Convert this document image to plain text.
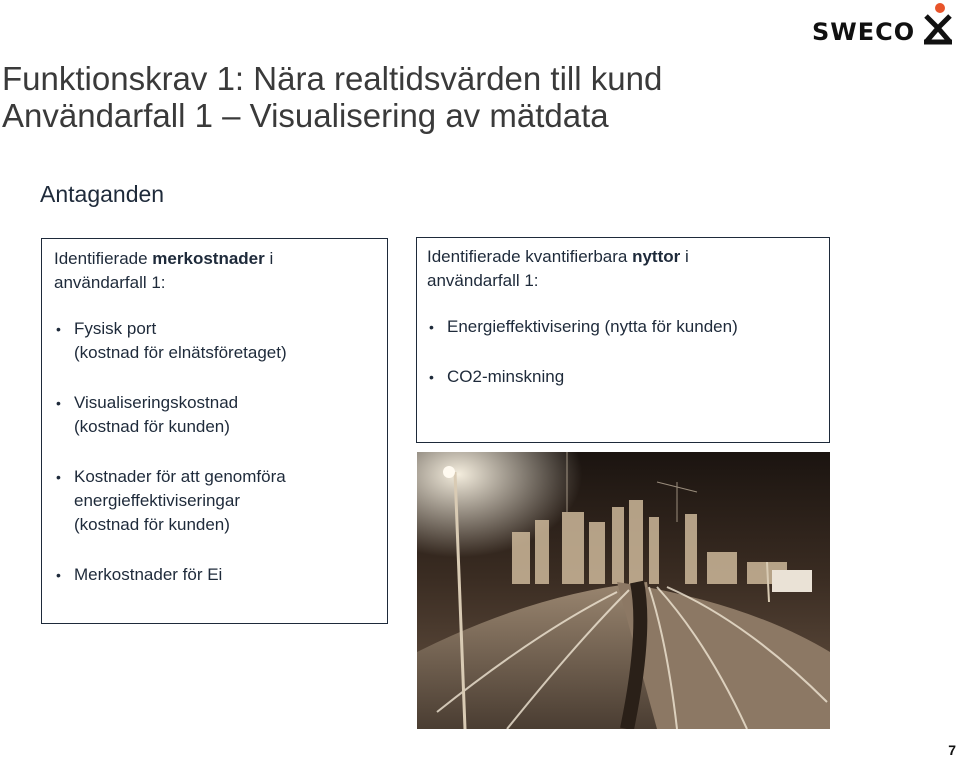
SWECO
Funktionskrav 1: Nära realtidsvärden till kund
Användarfall 1 – Visualisering av mätdata
Antaganden

Identifierade merkostnader i
användarfall 1:

• Fysisk port
(kostnad för elnätsföretaget)
• Visualiseringskostnad
(kostnad för kunden)
• Kostnader för att genomföra
energieffektiviseringar
(kostnad för kunden)
• Merkostnader för Ei

Identifierade kvantifierbara nyttor i
användarfall 1:

• Energieffektivisering (nytta för kunden)
• CO2-minskning
7
